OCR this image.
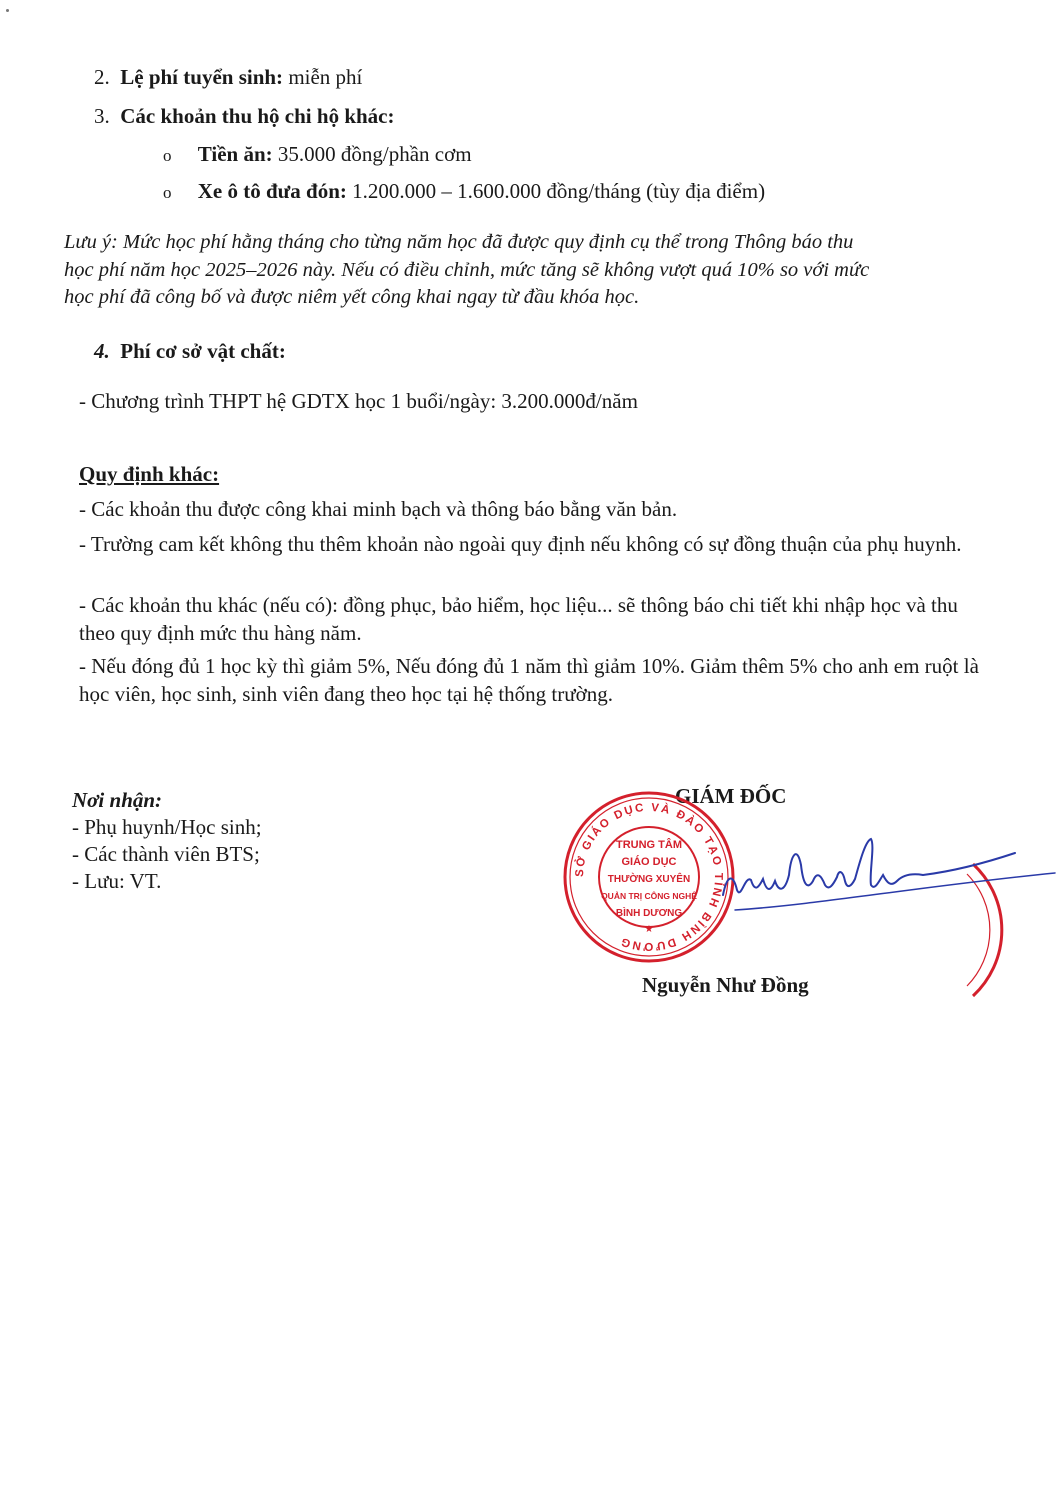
2. Lệ phí tuyển sinh: miễn phí
3. Các khoản thu hộ chi hộ khác:
o Tiền ăn: 35.000 đồng/phần cơm
o Xe ô tô đưa đón: 1.200.000 – 1.600.000 đồng/tháng (tùy địa điểm)
Lưu ý: Mức học phí hằng tháng cho từng năm học đã được quy định cụ thể trong Thông báo thu
học phí năm học 2025–2026 này. Nếu có điều chỉnh, mức tăng sẽ không vượt quá 10% so với mức
học phí đã công bố và được niêm yết công khai ngay từ đầu khóa học.
4. Phí cơ sở vật chất:
- Chương trình THPT hệ GDTX học 1 buổi/ngày: 3.200.000đ/năm
Quy định khác:
- Các khoản thu được công khai minh bạch và thông báo bằng văn bản.
- Trường cam kết không thu thêm khoản nào ngoài quy định nếu không có sự đồng thuận của phụ huynh.
- Các khoản thu khác (nếu có): đồng phục, bảo hiểm, học liệu... sẽ thông báo chi tiết khi nhập học và thu theo quy định mức thu hàng năm.
- Nếu đóng đủ 1 học kỳ thì giảm 5%, Nếu đóng đủ 1 năm thì giảm 10%. Giảm thêm 5% cho anh em ruột là học viên, học sinh, sinh viên đang theo học tại hệ thống trường.
Nơi nhận:
- Phụ huynh/Học sinh;
- Các thành viên BTS;
- Lưu: VT.
GIÁM ĐỐC
SỞ GIÁO DỤC VÀ ĐÀO TẠO TỈNH BÌNH DƯƠNG
★
TRUNG TÂM
GIÁO DỤC
THƯỜNG XUYÊN
QUẢN TRỊ CÔNG NGHỆ
BÌNH DƯƠNG
Nguyễn Như Đồng
